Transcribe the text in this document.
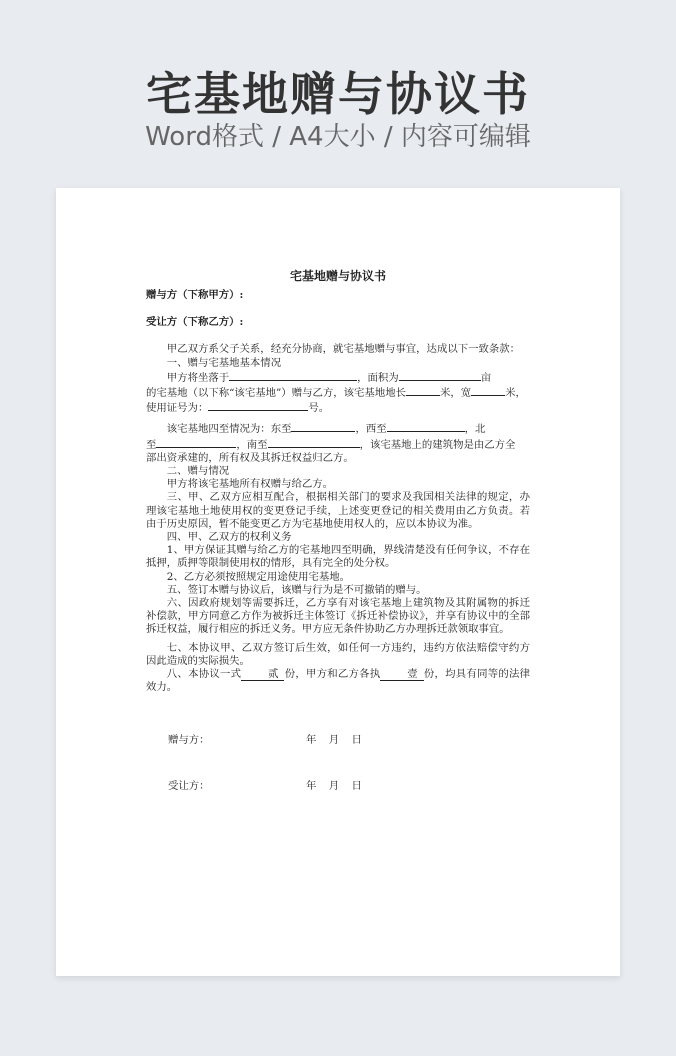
宅基地赠与协议书
Word格式 / A4大小 / 内容可编辑
宅基地赠与协议书

赠与方（下称甲方）:

受让方（下称乙方）:

甲乙双方系父子关系，经充分协商，就宅基地赠与事宜，达成以下一致条款：

一、赠与宅基地基本情况

甲方将坐落于	，面积为	亩

的宅基地（以下称“该宅基地”）赠与乙方，该宅基地地长	米，宽	米，

使用证号为：	号。

该宅基地四至情况为：东至	，西至	，北

至	，南至	，该宅基地上的建筑物是由乙方全

部出资承建的，所有权及其拆迁权益归乙方。

二、赠与情况

甲方将该宅基地所有权赠与给乙方。

三、甲、乙双方应相互配合，根据相关部门的要求及我国相关法律的规定，办理该宅基地土地使用权的变更登记手续，上述变更登记的相关费用由乙方负责。若由于历史原因，暂不能变更乙方为宅基地使用权人的，应以本协议为准。

四、甲、乙双方的权利义务

1、甲方保证其赠与给乙方的宅基地四至明确，界线清楚没有任何争议，不存在抵押，质押等限制使用权的情形，具有完全的处分权。

2、乙方必须按照规定用途使用宅基地。

五、签订本赠与协议后，该赠与行为是不可撤销的赠与。

六、因政府规划等需要拆迁，乙方享有对该宅基地上建筑物及其附属物的拆迁补偿款，甲方同意乙方作为被拆迁主体签订《拆迁补偿协议》，并享有协议中的全部拆迁权益，履行相应的拆迁义务。甲方应无条件协助乙方办理拆迁款领取事宜。

七、本协议甲、乙双方签订后生效，如任何一方违约，违约方依法赔偿守约方因此造成的实际损失。

八、本协议一式	贰 份，甲方和乙方各执	壹 份，均具有同等的法律效力。

赠与方：	年　月　日
受让方：	年　月　日
